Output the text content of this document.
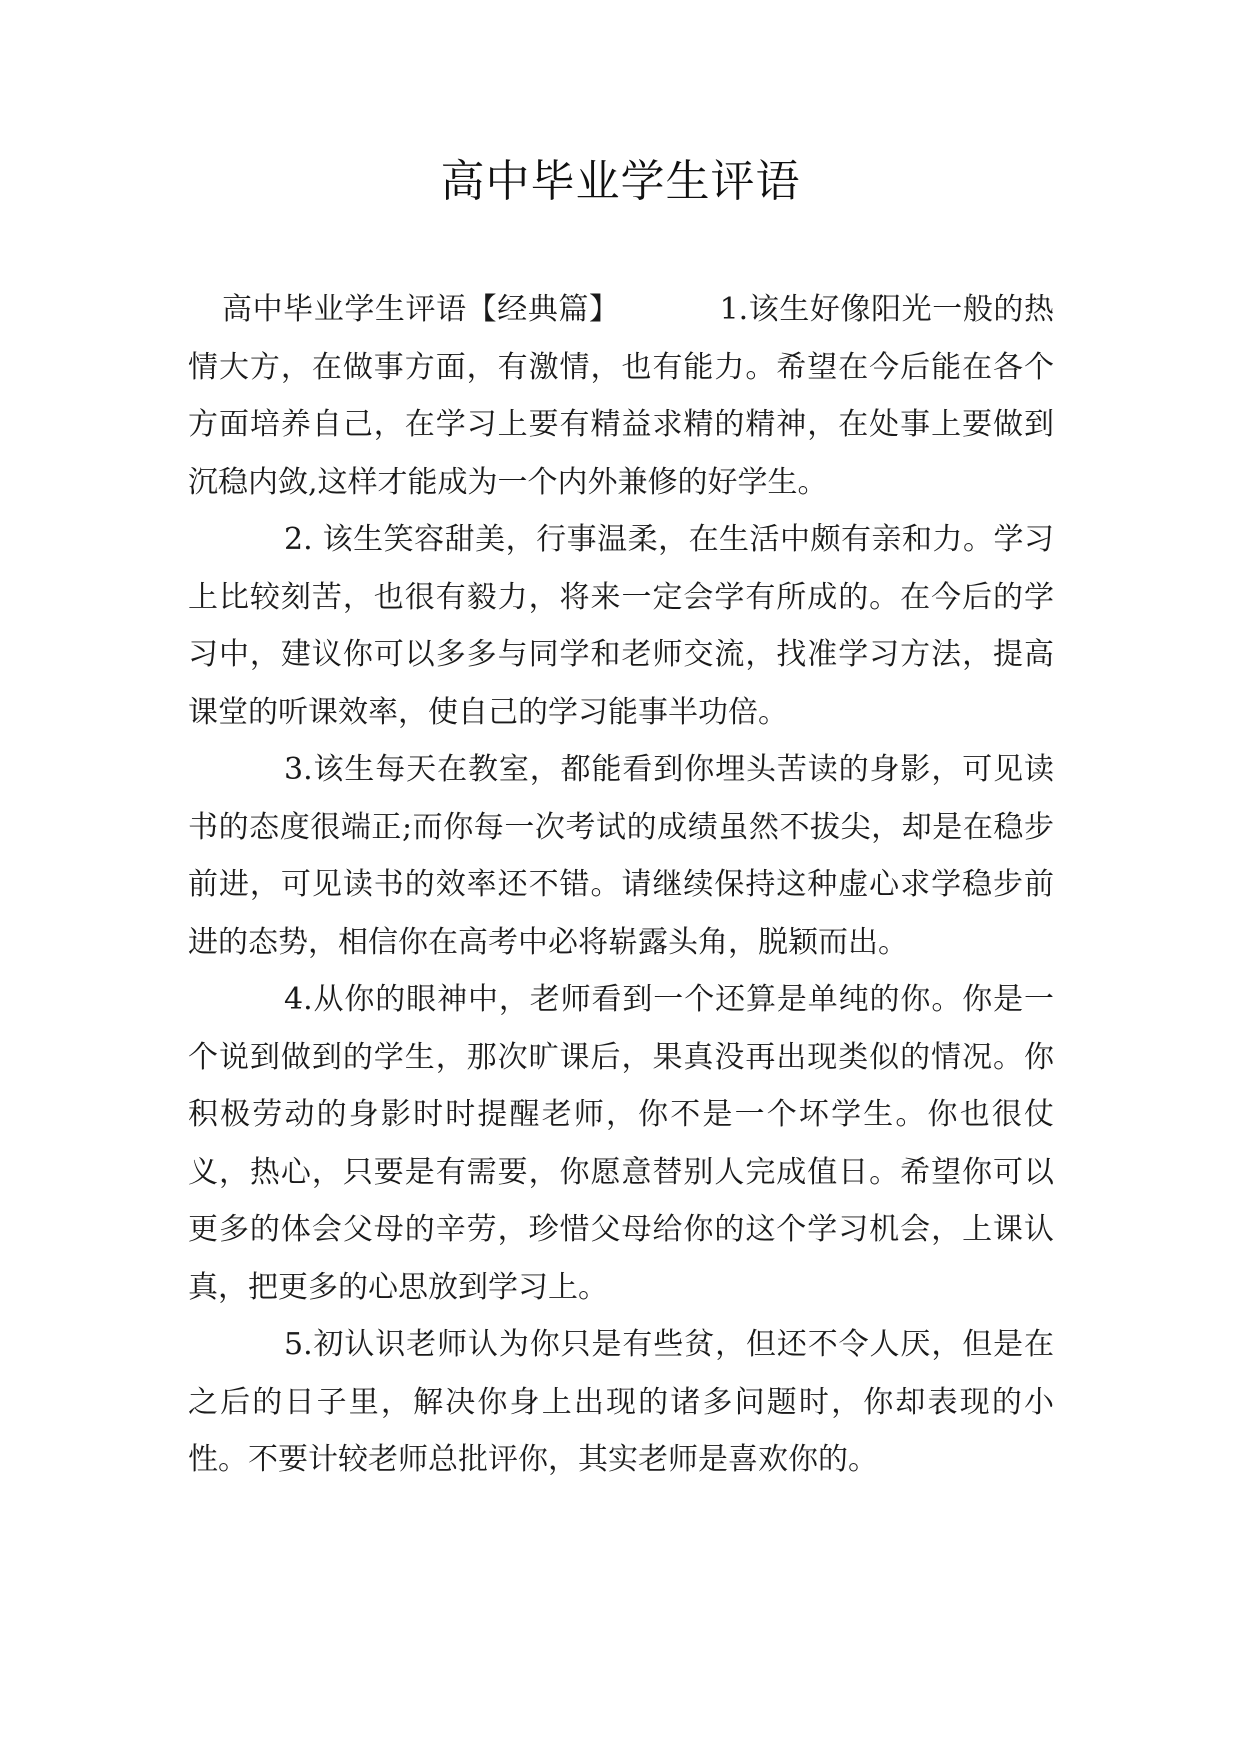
高中毕业学生评语

高中毕业学生评语【经典篇】	1.该生好像阳光一般的热情大方，在做事方面，有激情，也有能力。希望在今后能在各个方面培养自己，在学习上要有精益求精的精神，在处事上要做到沉稳内敛,这样才能成为一个内外兼修的好学生。

2. 该生笑容甜美，行事温柔，在生活中颇有亲和力。学习上比较刻苦，也很有毅力，将来一定会学有所成的。在今后的学习中，建议你可以多多与同学和老师交流，找准学习方法，提高课堂的听课效率，使自己的学习能事半功倍。

3.该生每天在教室，都能看到你埋头苦读的身影，可见读书的态度很端正;而你每一次考试的成绩虽然不拔尖，却是在稳步前进，可见读书的效率还不错。请继续保持这种虚心求学稳步前进的态势，相信你在高考中必将崭露头角，脱颖而出。

4.从你的眼神中，老师看到一个还算是单纯的你。你是一个说到做到的学生，那次旷课后，果真没再出现类似的情况。你积极劳动的身影时时提醒老师，你不是一个坏学生。你也很仗义，热心，只要是有需要，你愿意替别人完成值日。希望你可以更多的体会父母的辛劳，珍惜父母给你的这个学习机会，上课认真，把更多的心思放到学习上。

5.初认识老师认为你只是有些贫，但还不令人厌，但是在之后的日子里，解决你身上出现的诸多问题时，你却表现的小性。不要计较老师总批评你，其实老师是喜欢你的。
